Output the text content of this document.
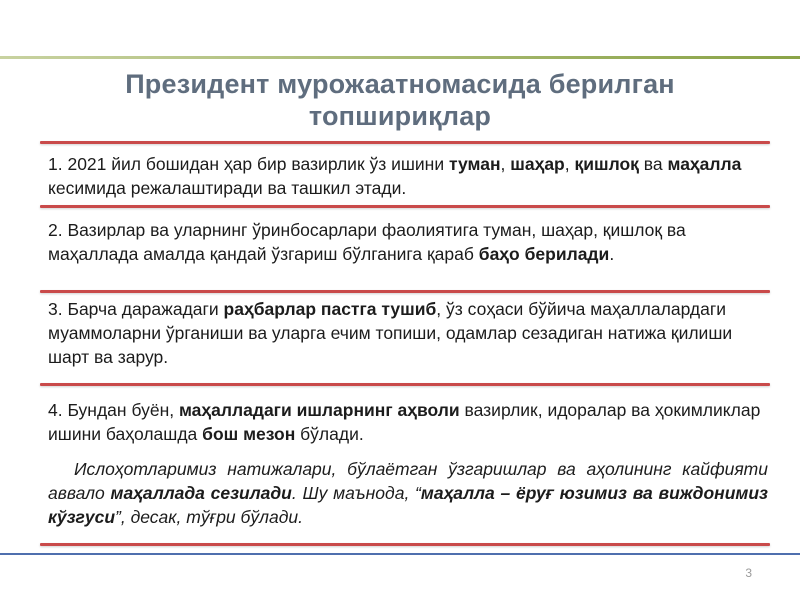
Президент мурожаатномасида берилган
топшириқлар
1. 2021 йил бошидан ҳар бир вазирлик ўз ишини туман, шаҳар, қишлоқ ва маҳалла кесимида режалаштиради ва ташкил этади.
2. Вазирлар ва уларнинг ўринбосарлари фаолиятига туман, шаҳар, қишлоқ ва маҳаллада амалда қандай ўзгариш бўлганига қараб баҳо берилади.
3. Барча даражадаги раҳбарлар пастга тушиб, ўз соҳаси бўйича маҳаллалардаги муаммоларни ўрганиши ва уларга ечим топиши, одамлар сезадиган натижа қилиши шарт ва зарур.
4. Бундан буён, маҳалладаги ишларнинг аҳволи вазирлик, идоралар ва ҳокимликлар ишини баҳолашда бош мезон бўлади.
Ислоҳотларимиз натижалари, бўлаётган ўзгаришлар ва аҳолининг кайфияти аввало маҳаллада сезилади. Шу маънода, “маҳалла – ёруғ юзимиз ва виждонимиз кўзгуси”, десак, тўғри бўлади.
3
